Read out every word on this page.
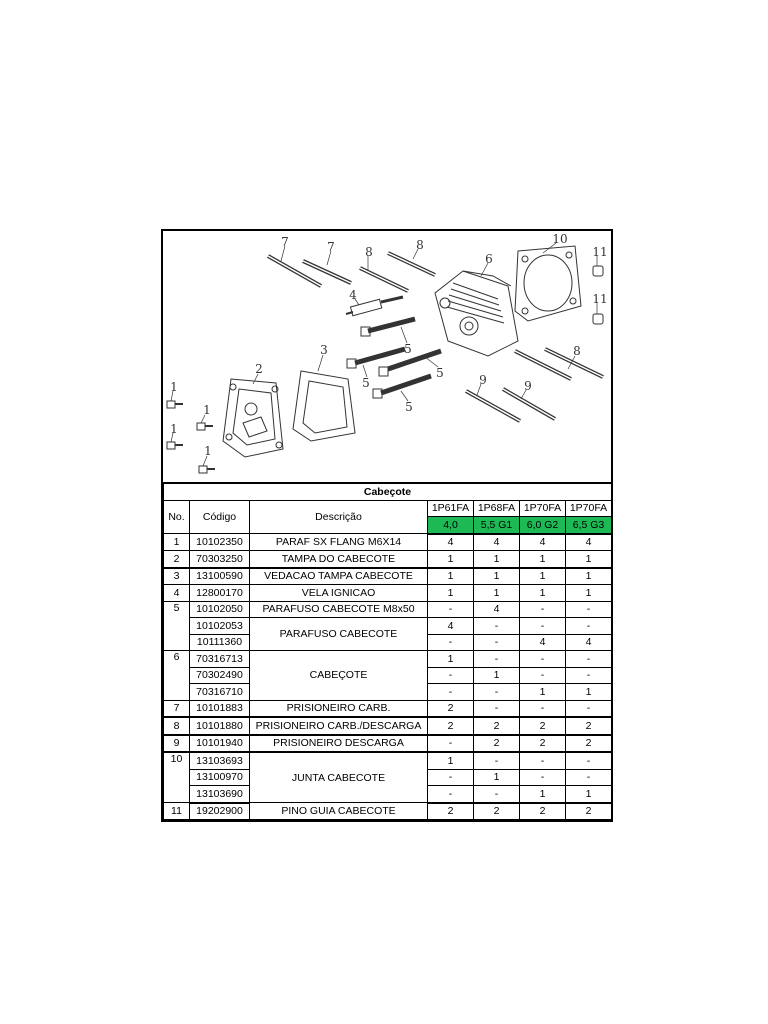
1
1
1
1
2
3
4
5
5
5
5
6
7	7	8	8
8
9	9
10
11
11
Cabeçote						
No.	Código	Descrição	1P61FA	1P68FA	1P70FA	1P70FA
			4,0	5,5 G1	6,0 G2	6,5 G3
1	10102350	PARAF SX FLANG M6X14	4	4	4	4
2	70303250	TAMPA DO CABECOTE	1	1	1	1
3	13100590	VEDACAO TAMPA CABECOTE	1	1	1	1
4	12800170	VELA IGNICAO	1	1	1	1
5	10102050	PARAFUSO CABECOTE M8x50	-	4	-	-
	10102053	PARAFUSO CABECOTE	4	-	-	-
	10111360		-	-	4	4
6	70316713	CABEÇOTE	1	-	-	-
	70302490		-	1	-	-
	70316710		-	-	1	1
7	10101883	PRISIONEIRO CARB.	2	-	-	-
8	10101880	PRISIONEIRO CARB./DESCARGA	2	2	2	2
9	10101940	PRISIONEIRO DESCARGA	-	2	2	2
10	13103693	JUNTA CABECOTE	1	-	-	-
	13100970		-	1	-	-
	13103690		-	-	1	1
11	19202900	PINO GUIA CABECOTE	2	2	2	2
